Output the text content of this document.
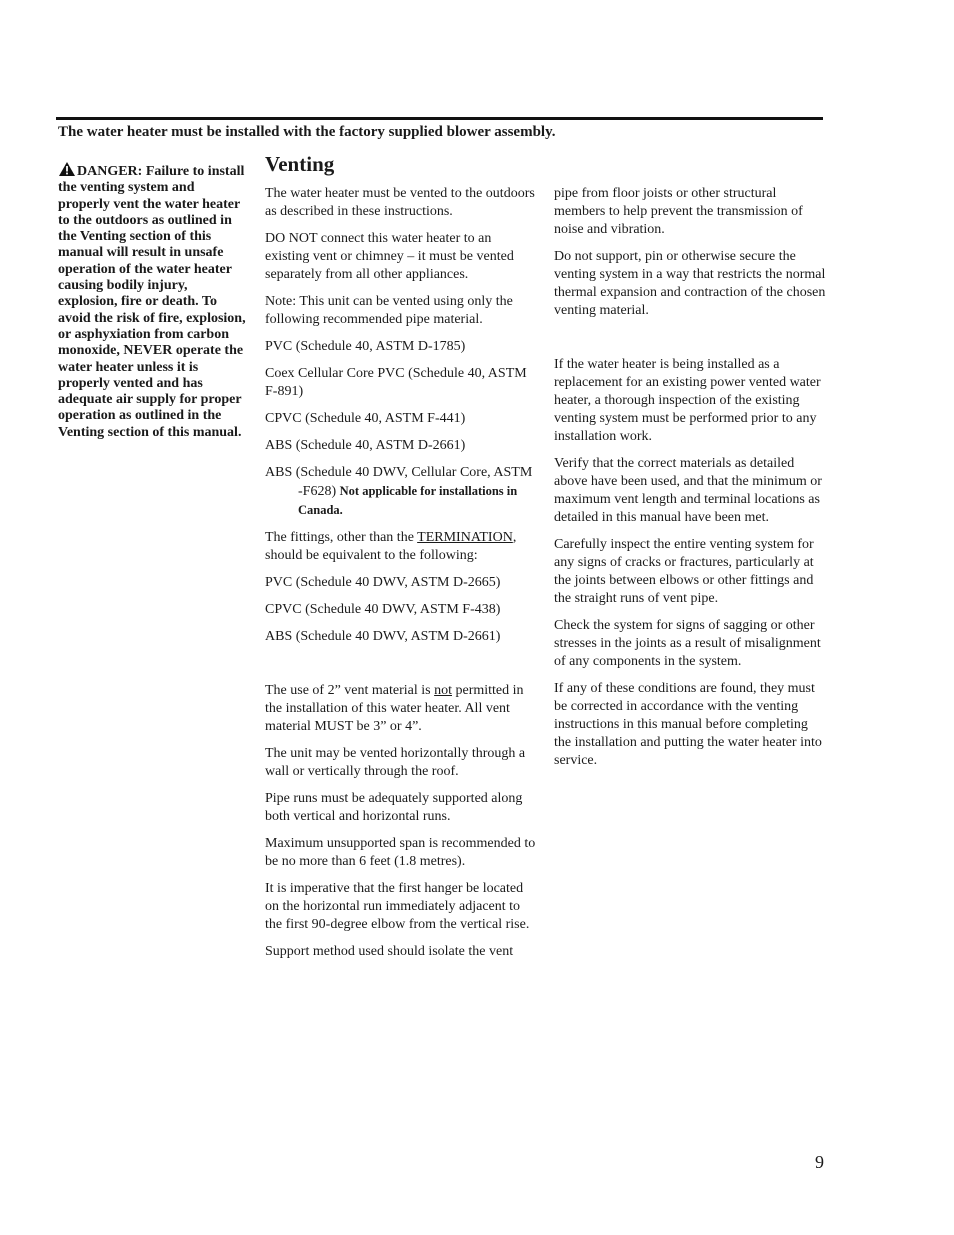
The water heater must be installed with the factory supplied blower assembly.

DANGER: Failure to install the venting system and properly vent the water heater to the outdoors as outlined in the Venting section of this manual will result in unsafe operation of the water heater causing bodily injury, explosion, fire or death. To avoid the risk of fire, explosion, or asphyxiation from carbon monoxide, NEVER operate the water heater unless it is properly vented and has adequate air supply for proper operation as outlined in the Venting section of this manual.

Venting

The water heater must be vented to the outdoors as described in these instructions.

DO NOT connect this water heater to an existing vent or chimney – it must be vented separately from all other appliances.

Note: This unit can be vented using only the following recommended pipe material.

PVC (Schedule 40, ASTM D-1785)

Coex Cellular Core PVC (Schedule 40, ASTM F-891)

CPVC (Schedule 40, ASTM F-441)

ABS (Schedule 40, ASTM D-2661)

ABS (Schedule 40 DWV, Cellular Core, ASTM -F628) Not applicable for installations in Canada.

The fittings, other than the TERMINATION, should be equivalent to the following:

PVC (Schedule 40 DWV, ASTM D-2665)

CPVC (Schedule 40 DWV, ASTM F-438)

ABS (Schedule 40 DWV, ASTM D-2661)

The use of 2” vent material is not permitted in the installation of this water heater. All vent material MUST be 3” or 4”.

The unit may be vented horizontally through a wall or vertically through the roof.

Pipe runs must be adequately supported along both vertical and horizontal runs.

Maximum unsupported span is recommended to be no more than 6 feet (1.8 metres).

It is imperative that the first hanger be located on the horizontal run immediately adjacent to the first 90-degree elbow from the vertical rise.

Support method used should isolate the vent

pipe from floor joists or other structural members to help prevent the transmission of noise and vibration.

Do not support, pin or otherwise secure the venting system in a way that restricts the normal thermal expansion and contraction of the chosen venting material.

If the water heater is being installed as a replacement for an existing power vented water heater, a thorough inspection of the existing venting system must be performed prior to any installation work.

Verify that the correct materials as detailed above have been used, and that the minimum or maximum vent length and terminal locations as detailed in this manual have been met.

Carefully inspect the entire venting system for any signs of cracks or fractures, particularly at the joints between elbows or other fittings and the straight runs of vent pipe.

Check the system for signs of sagging or other stresses in the joints as a result of misalignment of any components in the system.

If any of these conditions are found, they must be corrected in accordance with the venting instructions in this manual before completing the installation and putting the water heater into service.

9
